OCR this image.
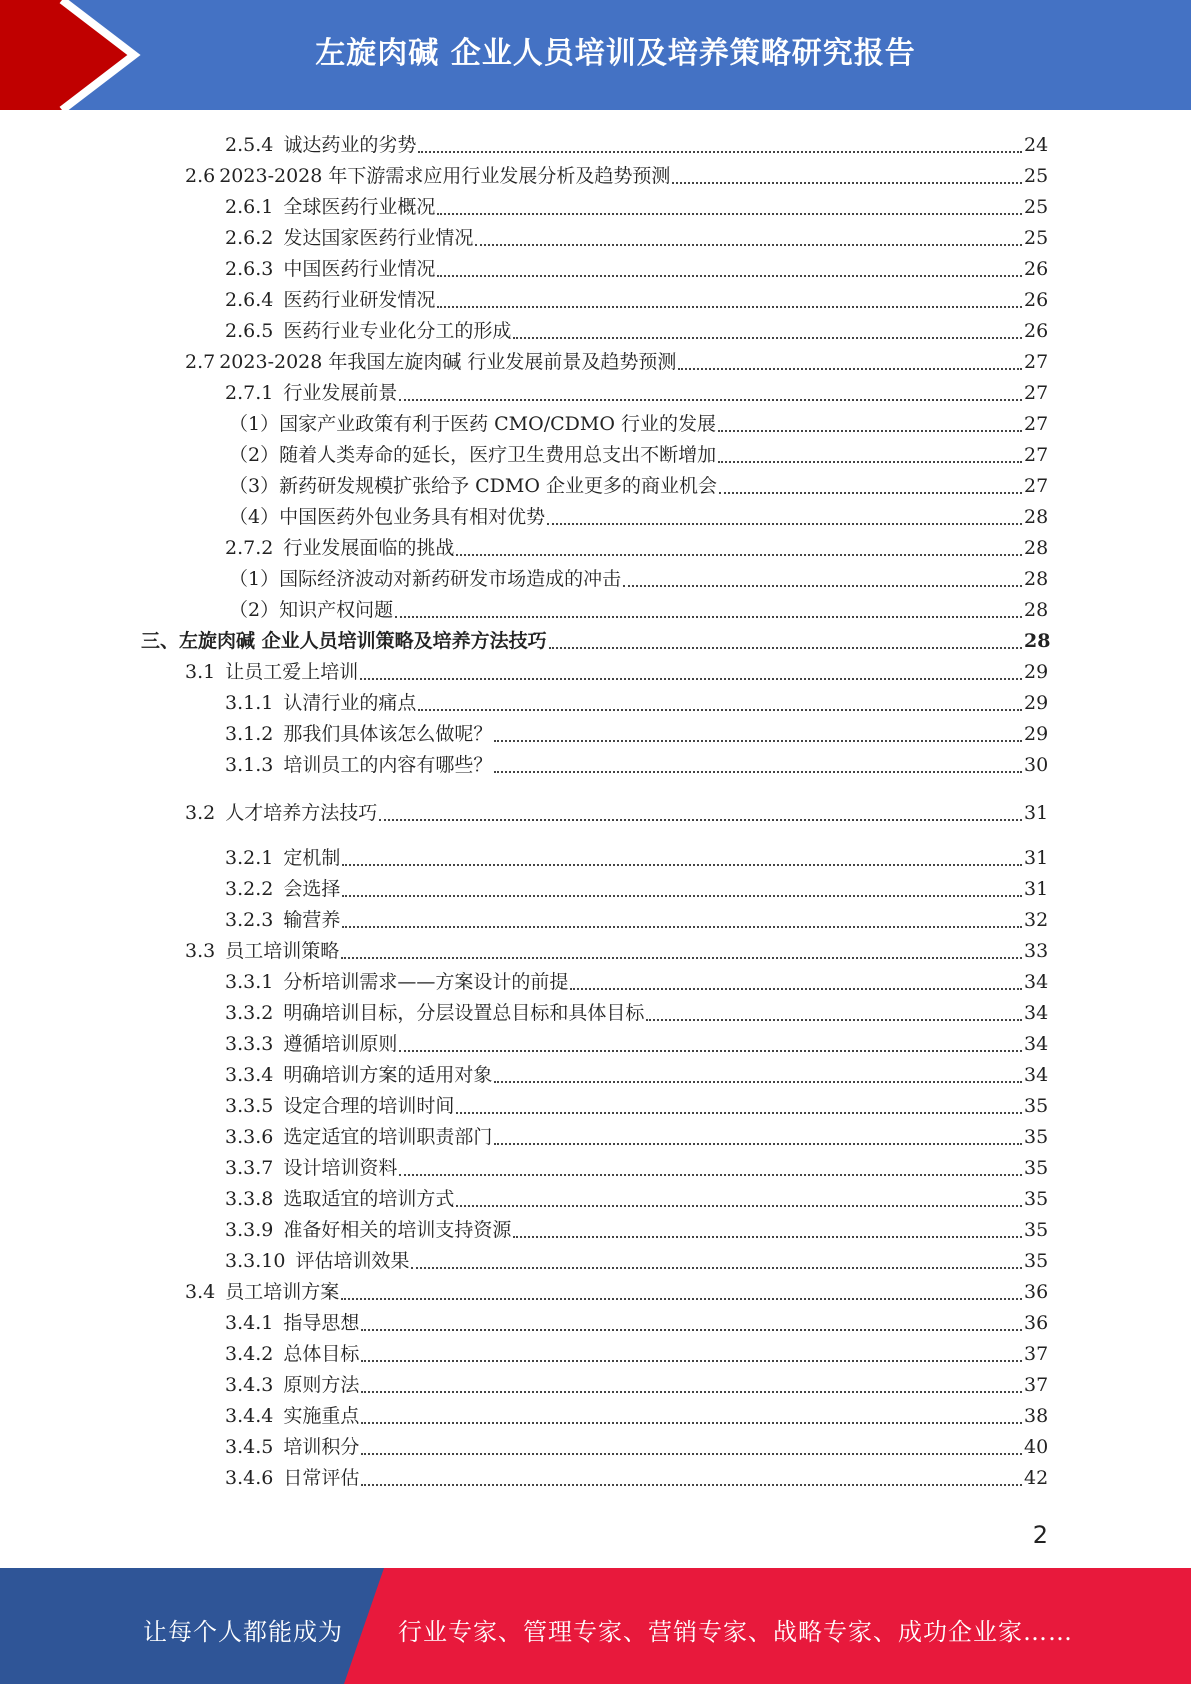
左旋肉碱 企业人员培训及培养策略研究报告
2.5.4 诚达药业的劣势	24
2.6 2023-2028 年下游需求应用行业发展分析及趋势预测	25
2.6.1 全球医药行业概况	25
2.6.2 发达国家医药行业情况	25
2.6.3 中国医药行业情况	26
2.6.4 医药行业研发情况	26
2.6.5 医药行业专业化分工的形成	26
2.7 2023-2028 年我国左旋肉碱 行业发展前景及趋势预测	27
2.7.1 行业发展前景	27
（1）国家产业政策有利于医药 CMO/CDMO 行业的发展	27
（2）随着人类寿命的延长，医疗卫生费用总支出不断增加	27
（3）新药研发规模扩张给予 CDMO 企业更多的商业机会	27
（4）中国医药外包业务具有相对优势	28
2.7.2 行业发展面临的挑战	28
（1）国际经济波动对新药研发市场造成的冲击	28
（2）知识产权问题	28
三、左旋肉碱 企业人员培训策略及培养方法技巧	28
3.1 让员工爱上培训	29
3.1.1 认清行业的痛点	29
3.1.2 那我们具体该怎么做呢？	29
3.1.3 培训员工的内容有哪些？	30
3.2 人才培养方法技巧	31
3.2.1 定机制	31
3.2.2 会选择	31
3.2.3 输营养	32
3.3 员工培训策略	33
3.3.1 分析培训需求——方案设计的前提	34
3.3.2 明确培训目标，分层设置总目标和具体目标	34
3.3.3 遵循培训原则	34
3.3.4 明确培训方案的适用对象	34
3.3.5 设定合理的培训时间	35
3.3.6 选定适宜的培训职责部门	35
3.3.7 设计培训资料	35
3.3.8 选取适宜的培训方式	35
3.3.9 准备好相关的培训支持资源	35
3.3.10 评估培训效果	35
3.4 员工培训方案	36
3.4.1 指导思想	36
3.4.2 总体目标	37
3.4.3 原则方法	37
3.4.4 实施重点	38
3.4.5 培训积分	40
3.4.6 日常评估	42
2
让每个人都能成为 行业专家、管理专家、营销专家、战略专家、成功企业家……
